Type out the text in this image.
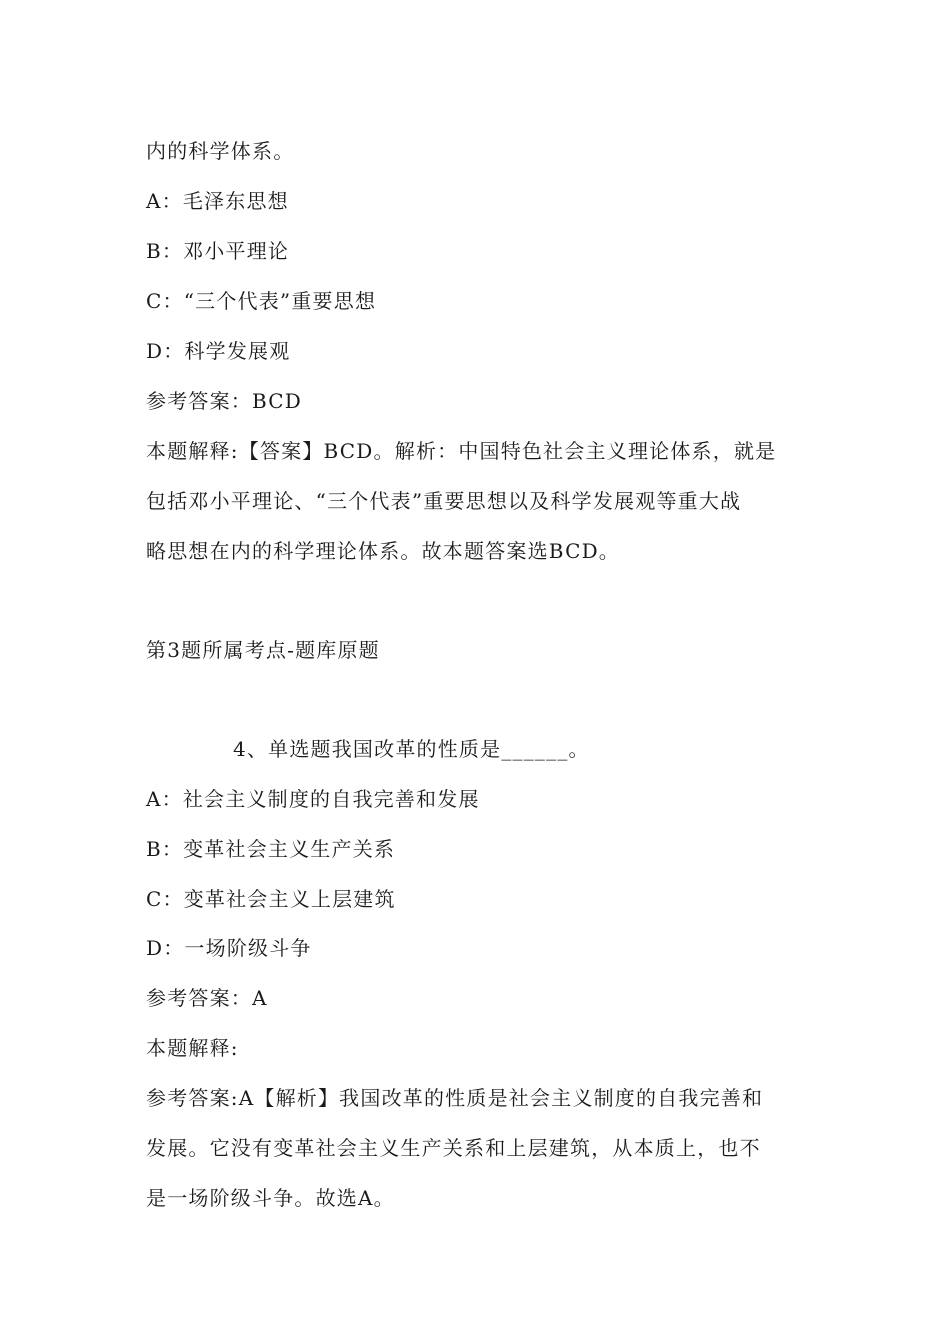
内的科学体系。
A：毛泽东思想
B：邓小平理论
C：“三个代表”重要思想
D：科学发展观
参考答案：BCD
本题解释:【答案】BCD。解析：中国特色社会主义理论体系，就是
包括邓小平理论、“三个代表”重要思想以及科学发展观等重大战
略思想在内的科学理论体系。故本题答案选BCD。
第3题所属考点-题库原题
4、单选题我国改革的性质是______。
A：社会主义制度的自我完善和发展
B：变革社会主义生产关系
C：变革社会主义上层建筑
D：一场阶级斗争
参考答案：A
本题解释:
参考答案:A【解析】我国改革的性质是社会主义制度的自我完善和
发展。它没有变革社会主义生产关系和上层建筑，从本质上，也不
是一场阶级斗争。故选A。
